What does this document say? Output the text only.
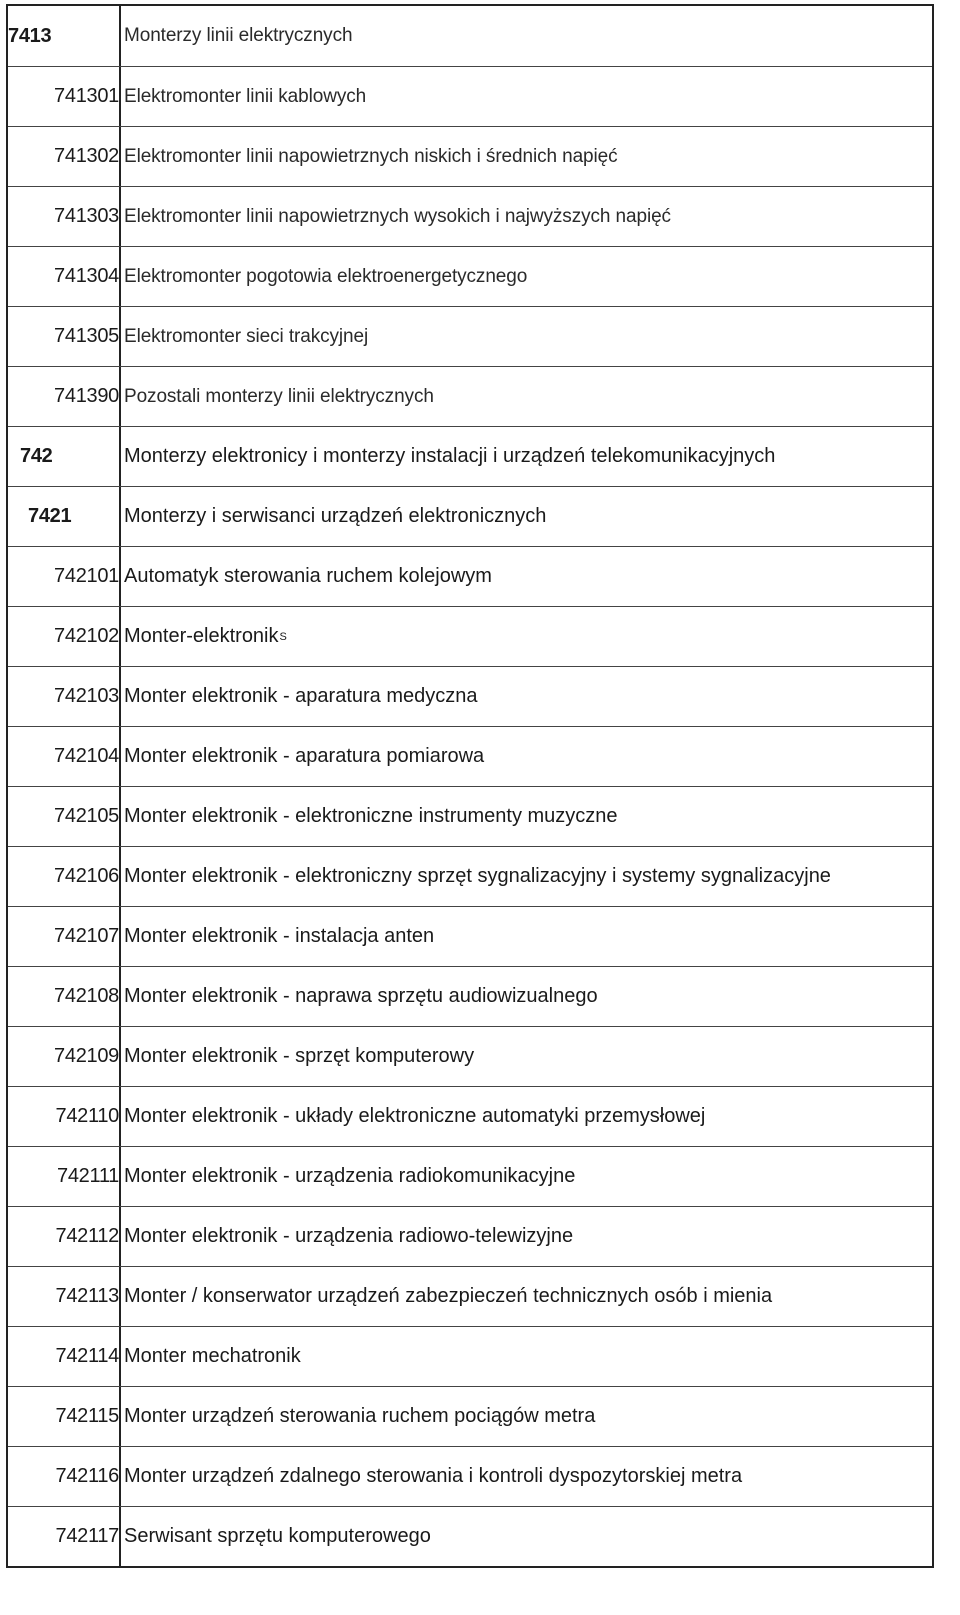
7413	Monterzy linii elektrycznych
741301 Elektromonter linii kablowych
741302 Elektromonter linii napowietrznych niskich i średnich napięć
741303 Elektromonter linii napowietrznych wysokich i najwyższych napięć
741304 Elektromonter pogotowia elektroenergetycznego
741305 Elektromonter sieci trakcyjnej
741390 Pozostali monterzy linii elektrycznych
742	Monterzy elektronicy i monterzy instalacji i urządzeń telekomunikacyjnych
7421	Monterzy i serwisanci urządzeń elektronicznych
742101 Automatyk sterowania ruchem kolejowym
742102 Monter-elektronik S
742103 Monter elektronik - aparatura medyczna
742104 Monter elektronik - aparatura pomiarowa
742105 Monter elektronik - elektroniczne instrumenty muzyczne
742106 Monter elektronik - elektroniczny sprzęt sygnalizacyjny i systemy sygnalizacyjne
742107 Monter elektronik - instalacja anten
742108 Monter elektronik - naprawa sprzętu audiowizualnego
742109 Monter elektronik - sprzęt komputerowy
742110 Monter elektronik - układy elektroniczne automatyki przemysłowej
742111 Monter elektronik - urządzenia radiokomunikacyjne
742112 Monter elektronik - urządzenia radiowo-telewizyjne
742113 Monter / konserwator urządzeń zabezpieczeń technicznych osób i mienia
742114 Monter mechatronik
742115 Monter urządzeń sterowania ruchem pociągów metra
742116 Monter urządzeń zdalnego sterowania i kontroli dyspozytorskiej metra
742117 Serwisant sprzętu komputerowego
